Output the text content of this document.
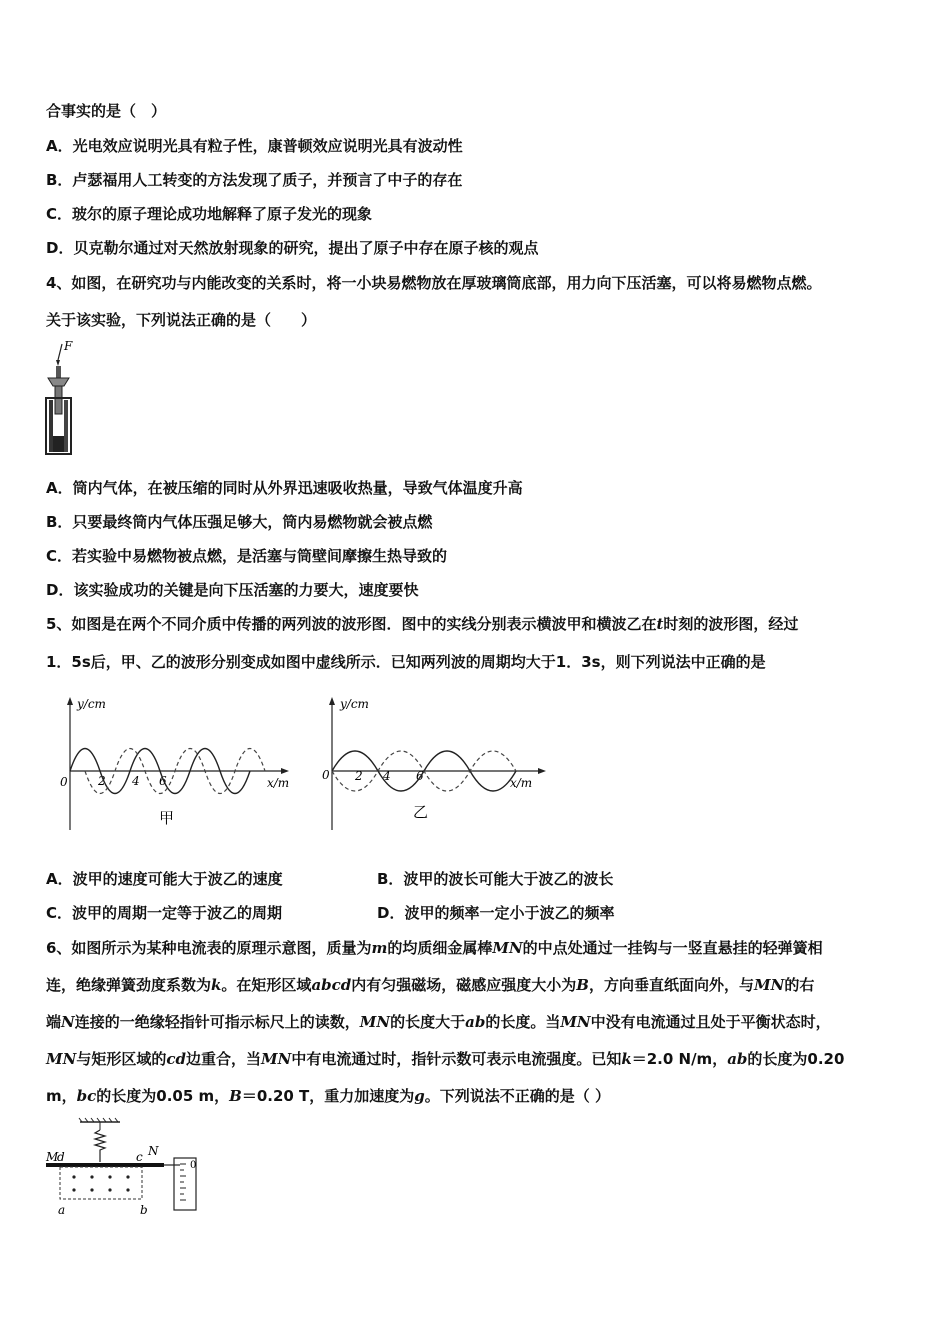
合事实的是（　）
A．光电效应说明光具有粒子性，康普顿效应说明光具有波动性
B．卢瑟福用人工转变的方法发现了质子，并预言了中子的存在
C．玻尔的原子理论成功地解释了原子发光的现象
D．贝克勒尔通过对天然放射现象的研究，提出了原子中存在原子核的观点
4、如图，在研究功与内能改变的关系时，将一小块易燃物放在厚玻璃筒底部，用力向下压活塞，可以将易燃物点燃。
关于该实验，下列说法正确的是（　　）
F
A．筒内气体，在被压缩的同时从外界迅速吸收热量，导致气体温度升高
B．只要最终筒内气体压强足够大，筒内易燃物就会被点燃
C．若实验中易燃物被点燃，是活塞与筒壁间摩擦生热导致的
D．该实验成功的关键是向下压活塞的力要大，速度要快
5、如图是在两个不同介质中传播的两列波的波形图．图中的实线分别表示横波甲和横波乙在t时刻的波形图，经过
1．5s后，甲、乙的波形分别变成如图中虚线所示．已知两列波的周期均大于1．3s，则下列说法中正确的是
y/cm
x/m
0	2 4 6
甲
y/cm
x/m
0 2 4 6
乙
A．波甲的速度可能大于波乙的速度	B．波甲的波长可能大于波乙的波长
C．波甲的周期一定等于波乙的周期	D．波甲的频率一定小于波乙的频率
6、如图所示为某种电流表的原理示意图，质量为m的均质细金属棒MN的中点处通过一挂钩与一竖直悬挂的轻弹簧相
连，绝缘弹簧劲度系数为k。在矩形区域abcd内有匀强磁场，磁感应强度大小为B，方向垂直纸面向外，与MN的右
端N连接的一绝缘轻指针可指示标尺上的读数，MN的长度大于ab的长度。当MN中没有电流通过且处于平衡状态时，
MN与矩形区域的cd边重合，当MN中有电流通过时，指针示数可表示电流强度。已知k＝2.0 N/m，ab的长度为0.20
m，bc的长度为0.05 m，B＝0.20 T，重力加速度为g。下列说法不正确的是（ ）
M
d	c N
a	b
0
